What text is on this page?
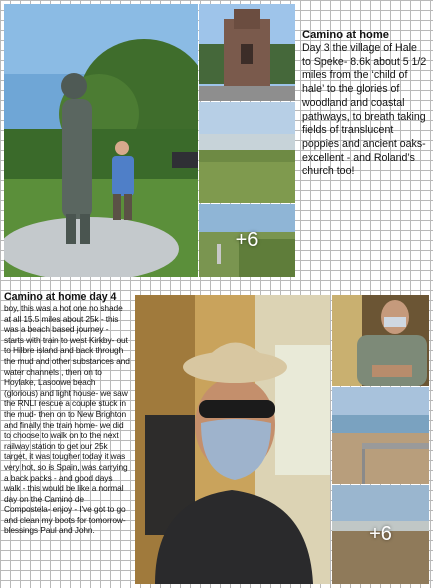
+6
Camino at home
Day 3 the village of Hale to Speke- 8.6k about 5 1/2 miles from the ‘child of hale’ to the glories of woodland and coastal pathways, to breath taking fields of translucent poppies and ancient oaks- excellent - and Roland’s church too!
Camino at home day 4
boy, this was a hot one no shade at all 15.5 miles about 25k - this was a beach based journey - starts with train to west Kirkby- out to Hilbre island and back through the mud and other substances and water channels , then on to Hoylake, Lasoowe beach (glorious) and light house- we saw the RNLI rescue a couple stuck in the mud- then on to New Brighton and finally the train home- we did to choose to walk on to the next railway station to get our 25k target, it was tougher today it was very hot, so is Spain, was carrying a back packs - and good days walk - this would be like a normal day on the Camino de Compostela- enjoy - I've got to go and clean my boots for tomorrow- blessings Paul and John.	+6
